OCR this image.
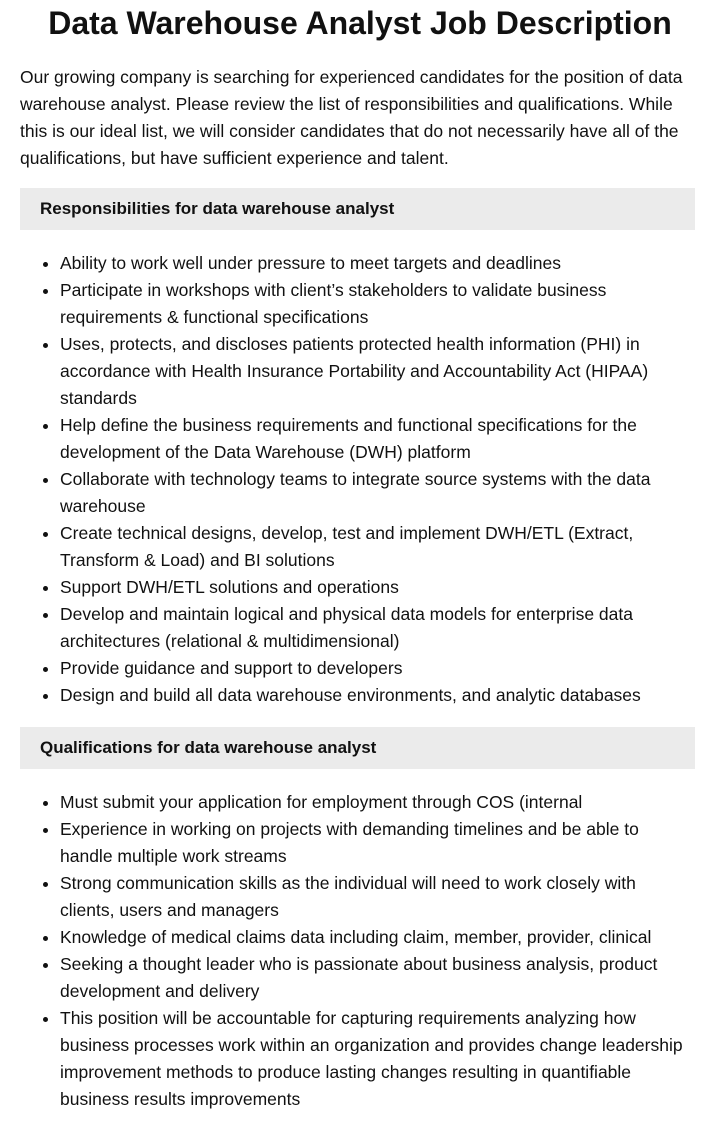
Data Warehouse Analyst Job Description

Our growing company is searching for experienced candidates for the position of data warehouse analyst. Please review the list of responsibilities and qualifications. While this is our ideal list, we will consider candidates that do not necessarily have all of the qualifications, but have sufficient experience and talent.

Responsibilities for data warehouse analyst
• Ability to work well under pressure to meet targets and deadlines
• Participate in workshops with client’s stakeholders to validate business requirements & functional specifications
• Uses, protects, and discloses patients protected health information (PHI) in accordance with Health Insurance Portability and Accountability Act (HIPAA) standards
• Help define the business requirements and functional specifications for the development of the Data Warehouse (DWH) platform
• Collaborate with technology teams to integrate source systems with the data warehouse
• Create technical designs, develop, test and implement DWH/ETL (Extract, Transform & Load) and BI solutions
• Support DWH/ETL solutions and operations
• Develop and maintain logical and physical data models for enterprise data architectures (relational & multidimensional)
• Provide guidance and support to developers
• Design and build all data warehouse environments, and analytic databases
Qualifications for data warehouse analyst
• Must submit your application for employment through COS (internal
• Experience in working on projects with demanding timelines and be able to handle multiple work streams
• Strong communication skills as the individual will need to work closely with clients, users and managers
• Knowledge of medical claims data including claim, member, provider, clinical
• Seeking a thought leader who is passionate about business analysis, product development and delivery
• This position will be accountable for capturing requirements analyzing how business processes work within an organization and provides change leadership improvement methods to produce lasting changes resulting in quantifiable business results improvements
